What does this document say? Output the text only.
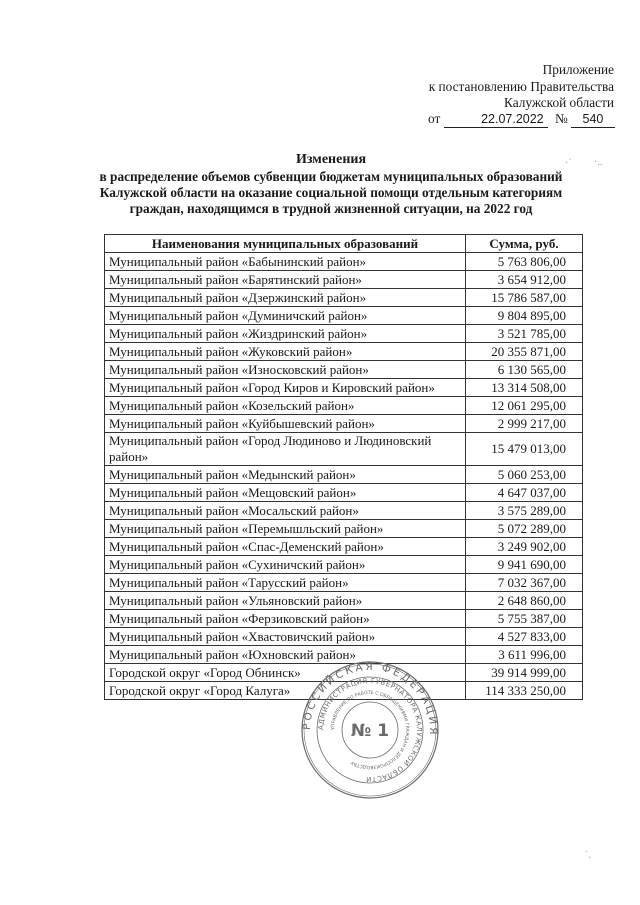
Приложение
к постановлению Правительства
Калужской области
от	22.07.2022 № 540
Изменения
в распределение объемов субвенции бюджетам муниципальных образований
Калужской области на оказание социальной помощи отдельным категориям
граждан, находящимся в трудной жизненной ситуации, на 2022 год
Наименования муниципальных образований	Сумма, руб.
Муниципальный район «Бабынинский район»	5 763 806,00
Муниципальный район «Барятинский район»	3 654 912,00
Муниципальный район «Дзержинский район»	15 786 587,00
Муниципальный район «Думиничский район»	9 804 895,00
Муниципальный район «Жиздринский район»	3 521 785,00
Муниципальный район «Жуковский район»	20 355 871,00
Муниципальный район «Износковский район»	6 130 565,00
Муниципальный район «Город Киров и Кировский район»	13 314 508,00
Муниципальный район «Козельский район»	12 061 295,00
Муниципальный район «Куйбышевский район»	2 999 217,00
Муниципальный район «Город Людиново и Людиновский район»	15 479 013,00
Муниципальный район «Медынский район»	5 060 253,00
Муниципальный район «Мещовский район»	4 647 037,00
Муниципальный район «Мосальский район»	3 575 289,00
Муниципальный район «Перемышльский район»	5 072 289,00
Муниципальный район «Спас-Деменский район»	3 249 902,00
Муниципальный район «Сухиничский район»	9 941 690,00
Муниципальный район «Тарусский район»	7 032 367,00
Муниципальный район «Ульяновский район»	2 648 860,00
Муниципальный район «Ферзиковский район»	5 755 387,00
Муниципальный район «Хвастовичский район»	4 527 833,00
Муниципальный район «Юхновский район»	3 611 996,00
Городской округ «Город Обнинск»	39 914 999,00
Городской округ «Город Калуга»	114 333 250,00
РОССИЙСКАЯ ФЕДЕРАЦИЯ
АДМИНИСТРАЦИЯ ГУБЕРНАТОРА КАЛУЖСКОЙ ОБЛАСТИ
УПРАВЛЕНИЕ ПО РАБОТЕ С ОБРАЩЕНИЯМИ ГРАЖДАН И ДЕЛОПРОИЗВОДСТВУ
№ 1
·ˊ ·..
˙.
